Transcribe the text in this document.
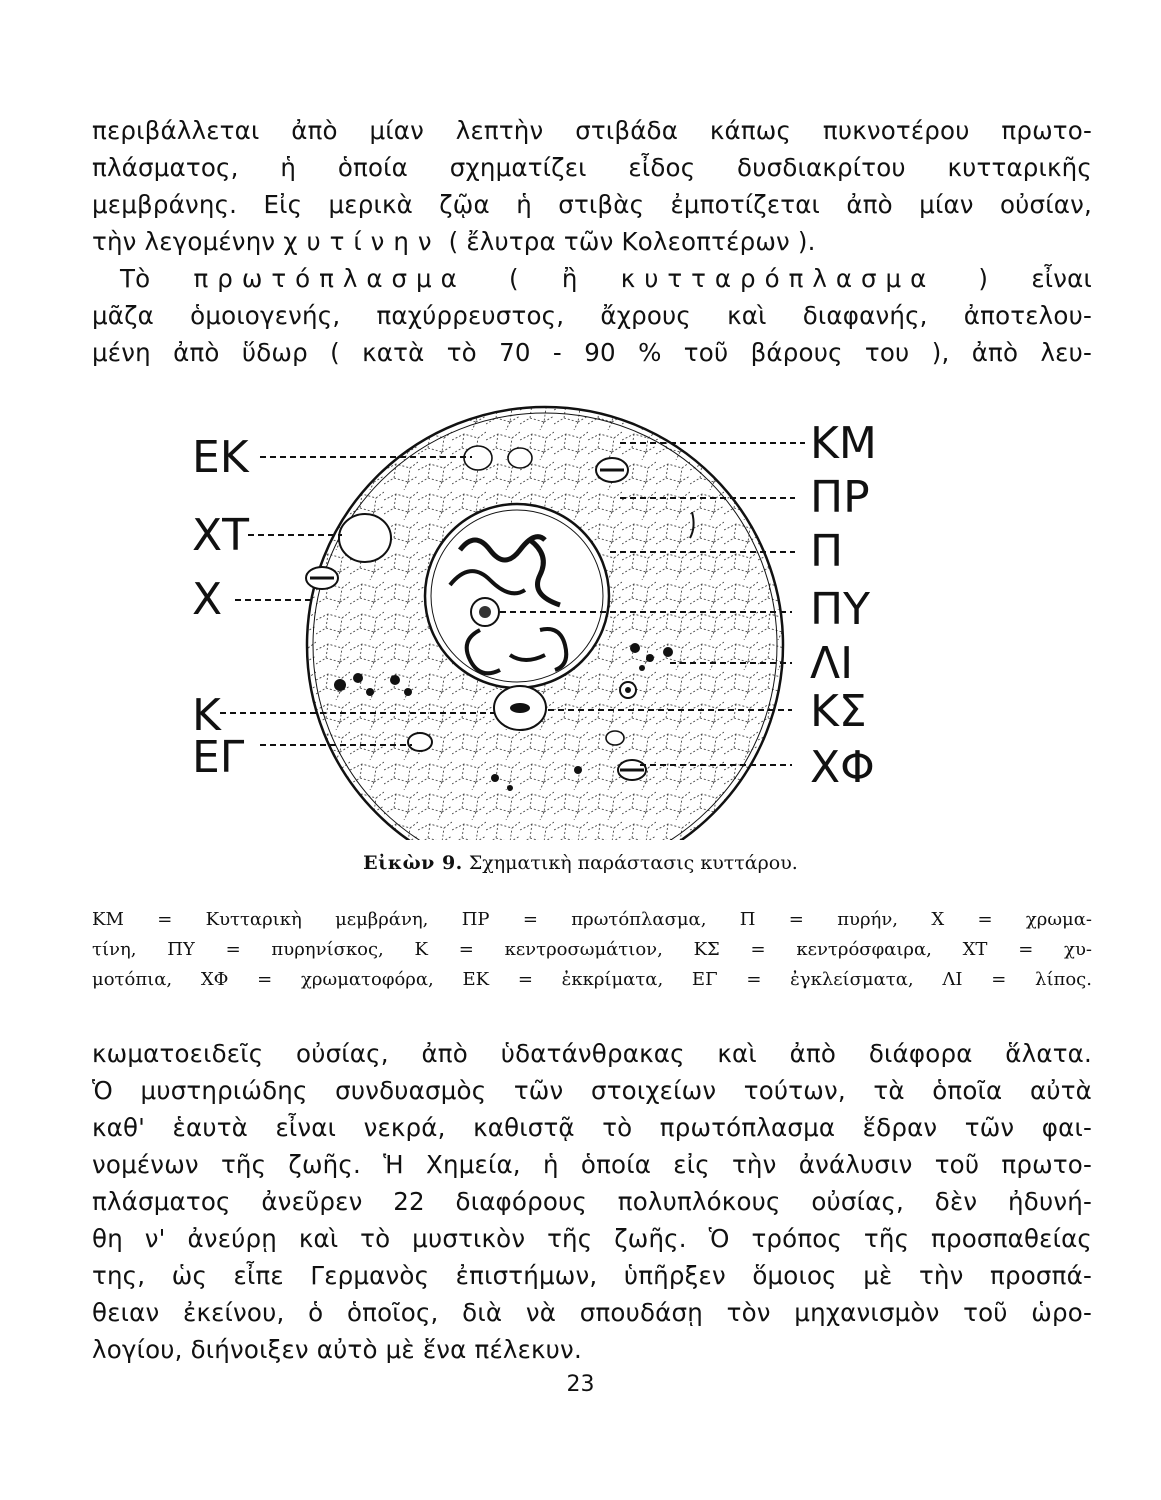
περιβάλλεται ἀπὸ μίαν λεπτὴν στιβάδα κάπως πυκνοτέρου πρωτο-
πλάσματος, ἡ ὁποία σχηματίζει εἶδος δυσδιακρίτου κυτταρικῆς
μεμβράνης. Εἰς μερικὰ ζῷα ἡ στιβὰς ἐμποτίζεται ἀπὸ μίαν οὐσίαν,
τὴν λεγομένην χυτίνην ( ἔλυτρα τῶν Κολεοπτέρων ).
Τὸ πρωτόπλασμα ( ἢ κυτταρόπλασμα ) εἶναι
μᾶζα ὁμοιογενής, παχύρρευστος, ἄχρους καὶ διαφανής, ἀποτελου-
μένη ἀπὸ ὕδωρ ( κατὰ τὸ 70 - 90 % τοῦ βάρους του ), ἀπὸ λευ-
ΕΚ
ΧΤ
Χ
Κ
ΕΓ
ΚΜ
ΠΡ
Π
ΠΥ
ΛΙ
ΚΣ
ΧΦ
Εἰκὼν 9. Σχηματικὴ παράστασις κυττάρου.
ΚΜ = Κυτταρικὴ μεμβράνη, ΠΡ = πρωτόπλασμα, Π = πυρήν, Χ = χρωμα-
τίνη, ΠΥ = πυρηνίσκος, Κ = κεντροσωμάτιον, ΚΣ = κεντρόσφαιρα, ΧΤ = χυ-
μοτόπια, ΧΦ = χρωματοφόρα, ΕΚ = ἐκκρίματα, ΕΓ = ἐγκλείσματα, ΛΙ = λίπος.
κωματοειδεῖς οὐσίας, ἀπὸ ὑδατάνθρακας καὶ ἀπὸ διάφορα ἅλατα.
Ὁ μυστηριώδης συνδυασμὸς τῶν στοιχείων τούτων, τὰ ὁποῖα αὐτὰ
καθ' ἑαυτὰ εἶναι νεκρά, καθιστᾷ τὸ πρωτόπλασμα ἕδραν τῶν φαι-
νομένων τῆς ζωῆς. Ἡ Χημεία, ἡ ὁποία εἰς τὴν ἀνάλυσιν τοῦ πρωτο-
πλάσματος ἀνεῦρεν 22 διαφόρους πολυπλόκους οὐσίας, δὲν ἠδυνή-
θη ν' ἀνεύρῃ καὶ τὸ μυστικὸν τῆς ζωῆς. Ὁ τρόπος τῆς προσπαθείας
της, ὡς εἶπε Γερμανὸς ἐπιστήμων, ὑπῆρξεν ὅμοιος μὲ τὴν προσπά-
θειαν ἐκείνου, ὁ ὁποῖος, διὰ νὰ σπουδάσῃ τὸν μηχανισμὸν τοῦ ὡρο-
λογίου, διήνοιξεν αὐτὸ μὲ ἕνα πέλεκυν.
23
